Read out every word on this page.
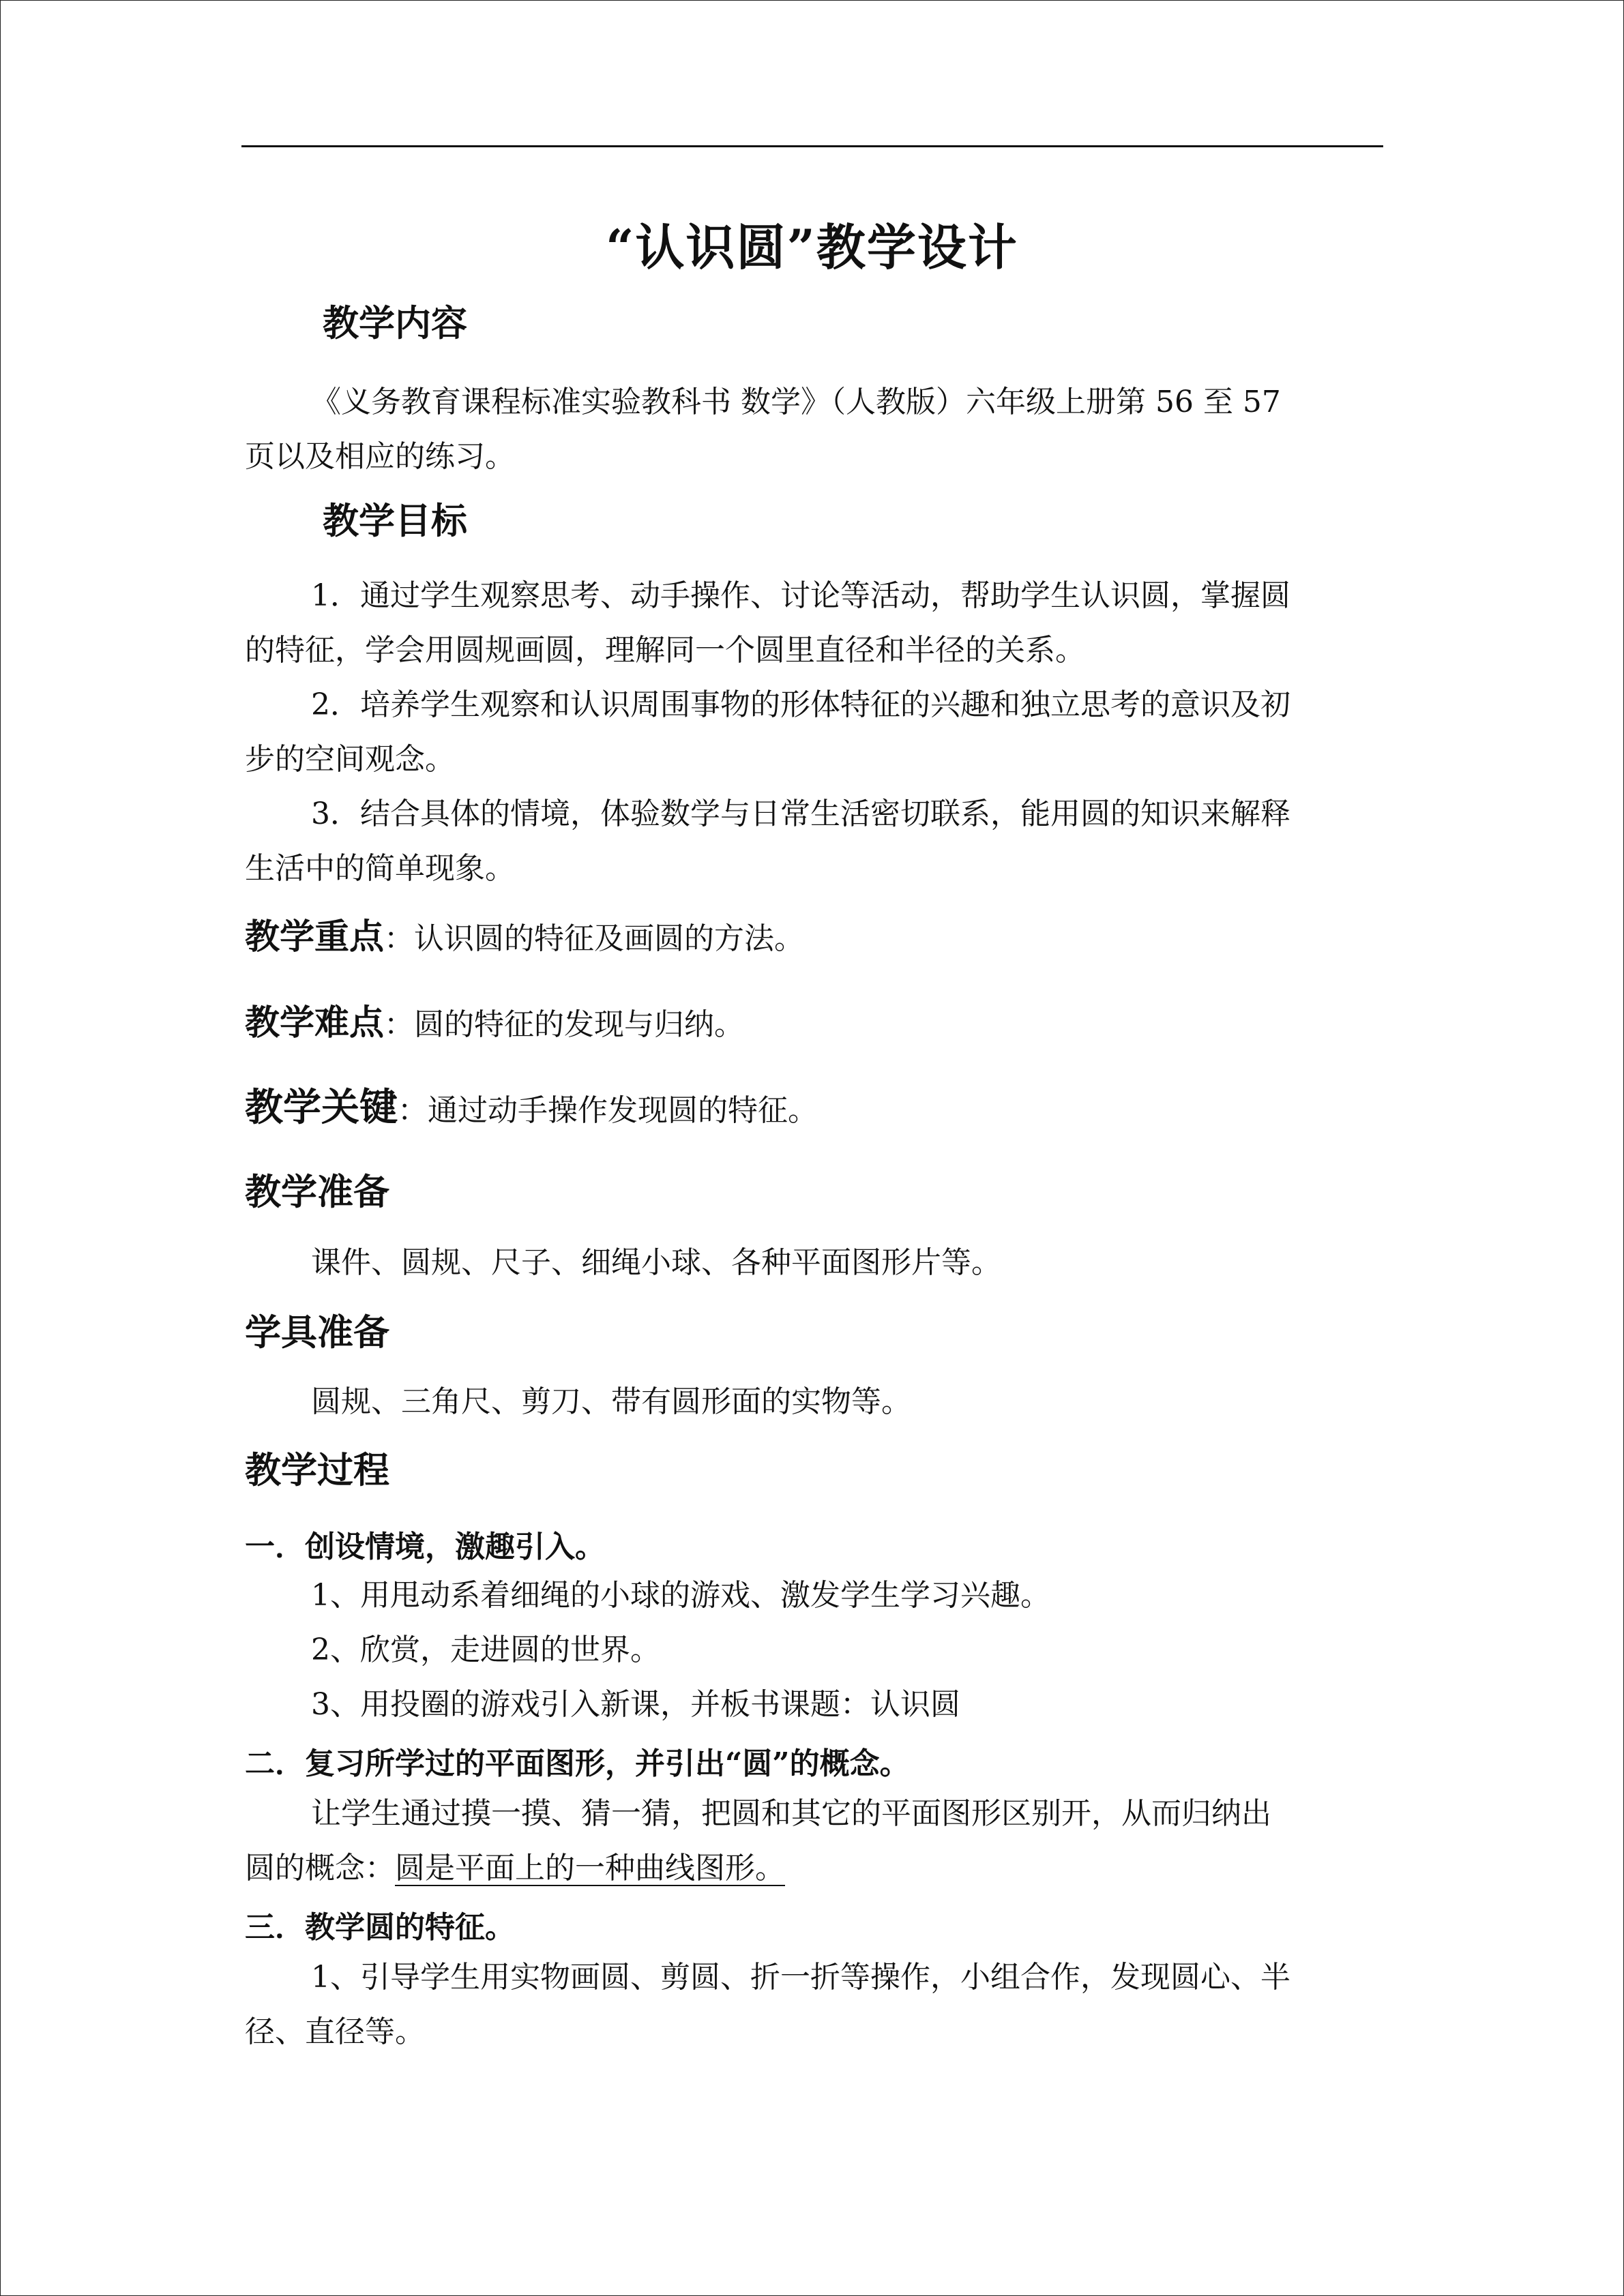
“认识圆”教学设计
教学内容
《义务教育课程标准实验教科书 数学》（人教版）六年级上册第 56 至 57
页以及相应的练习。
教学目标
1．通过学生观察思考、动手操作、讨论等活动，帮助学生认识圆，掌握圆
的特征，学会用圆规画圆，理解同一个圆里直径和半径的关系。
2．培养学生观察和认识周围事物的形体特征的兴趣和独立思考的意识及初
步的空间观念。
3．结合具体的情境，体验数学与日常生活密切联系，能用圆的知识来解释
生活中的简单现象。
教学重点：认识圆的特征及画圆的方法。
教学难点：圆的特征的发现与归纳。
教学关键：通过动手操作发现圆的特征。
教学准备
课件、圆规、尺子、细绳小球、各种平面图形片等。
学具准备
圆规、三角尺、剪刀、带有圆形面的实物等。
教学过程
一．创设情境，激趣引入。
1、用甩动系着细绳的小球的游戏、激发学生学习兴趣。
2、欣赏，走进圆的世界。
3、用投圈的游戏引入新课，并板书课题：认识圆
二．复习所学过的平面图形，并引出“圆”的概念。
让学生通过摸一摸、猜一猜，把圆和其它的平面图形区别开，从而归纳出
圆的概念：圆是平面上的一种曲线图形。
三．教学圆的特征。
1、引导学生用实物画圆、剪圆、折一折等操作，小组合作，发现圆心、半
径、直径等。
